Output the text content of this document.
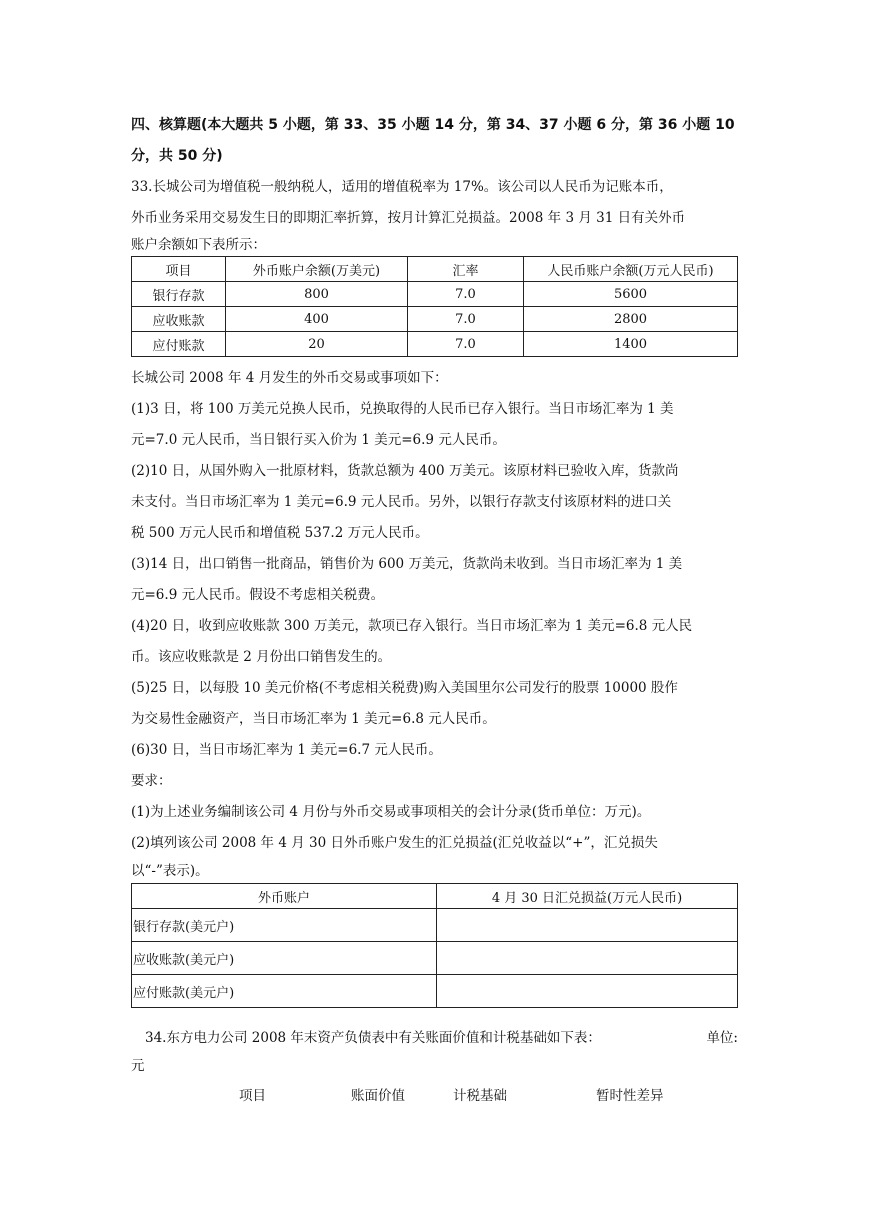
四、核算题(本大题共 5 小题，第 33、35 小题 14 分，第 34、37 小题 6 分，第 36 小题 10
分，共 50 分)
33.长城公司为增值税一般纳税人，适用的增值税率为 17%。该公司以人民币为记账本币，
外币业务采用交易发生日的即期汇率折算，按月计算汇兑损益。2008 年 3 月 31 日有关外币
账户余额如下表所示：
项目	外币账户余额(万美元)	汇率	人民币账户余额(万元人民币)
银行存款	800	7.0	5600
应收账款	400	7.0	2800
应付账款	20	7.0	1400
长城公司 2008 年 4 月发生的外币交易或事项如下：
(1)3 日，将 100 万美元兑换人民币，兑换取得的人民币已存入银行。当日市场汇率为 1 美
元=7.0 元人民币，当日银行买入价为 1 美元=6.9 元人民币。
(2)10 日，从国外购入一批原材料，货款总额为 400 万美元。该原材料已验收入库，货款尚
未支付。当日市场汇率为 1 美元=6.9 元人民币。另外，以银行存款支付该原材料的进口关
税 500 万元人民币和增值税 537.2 万元人民币。
(3)14 日，出口销售一批商品，销售价为 600 万美元，货款尚未收到。当日市场汇率为 1 美
元=6.9 元人民币。假设不考虑相关税费。
(4)20 日，收到应收账款 300 万美元，款项已存入银行。当日市场汇率为 1 美元=6.8 元人民
币。该应收账款是 2 月份出口销售发生的。
(5)25 日，以每股 10 美元价格(不考虑相关税费)购入美国里尔公司发行的股票 10000 股作
为交易性金融资产，当日市场汇率为 1 美元=6.8 元人民币。
(6)30 日，当日市场汇率为 1 美元=6.7 元人民币。
要求：
(1)为上述业务编制该公司 4 月份与外币交易或事项相关的会计分录(货币单位：万元)。
(2)填列该公司 2008 年 4 月 30 日外币账户发生的汇兑损益(汇兑收益以“+”，汇兑损失
以“-”表示)。
外币账户	4 月 30 日汇兑损益(万元人民币)
银行存款(美元户)	
应收账款(美元户)	
应付账款(美元户)	
34.东方电力公司 2008 年末资产负债表中有关账面价值和计税基础如下表：	单位:
元
项目	账面价值	计税基础	暂时性差异
